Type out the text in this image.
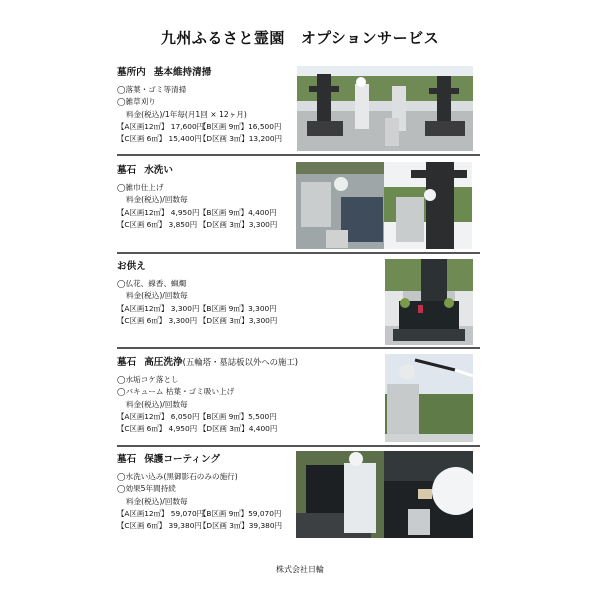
九州ふるさと霊園 オプションサービス
墓所内 基本維持清掃
◯落葉・ゴミ等清掃
◯雑草刈り
料金(税込)/1年毎(月1回 × 12ヶ月)
【A区画12㎡】 17,600円【B区画 9㎡】16,500円
【C区画 6㎡】 15,400円【D区画 3㎡】13,200円
墓石 水洗い
◯雑巾仕上げ
料金(税込)/回数毎
【A区画12㎡】 4,950円【B区画 9㎡】4,400円
【C区画 6㎡】 3,850円 【D区画 3㎡】3,300円
お供え
◯仏花、線香、蝋燭
料金(税込)/回数毎
【A区画12㎡】 3,300円【B区画 9㎡】3,300円
【C区画 6㎡】 3,300円 【D区画 3㎡】3,300円
墓石 高圧洗浄(五輪塔・墓誌板以外への施工)
◯水垢コケ落とし
◯バキューム 枯葉・ゴミ吸い上げ
料金(税込)/回数毎
【A区画12㎡】 6,050円【B区画 9㎡】5,500円
【C区画 6㎡】 4,950円 【D区画 3㎡】4,400円
墓石 保護コーティング
◯水洗い込み(黒御影石のみの施行)
◯効果5年間持続
料金(税込)/回数毎
【A区画12㎡】 59,070円【B区画 9㎡】59,070円
【C区画 6㎡】 39,380円【D区画 3㎡】39,380円
株式会社日輪
